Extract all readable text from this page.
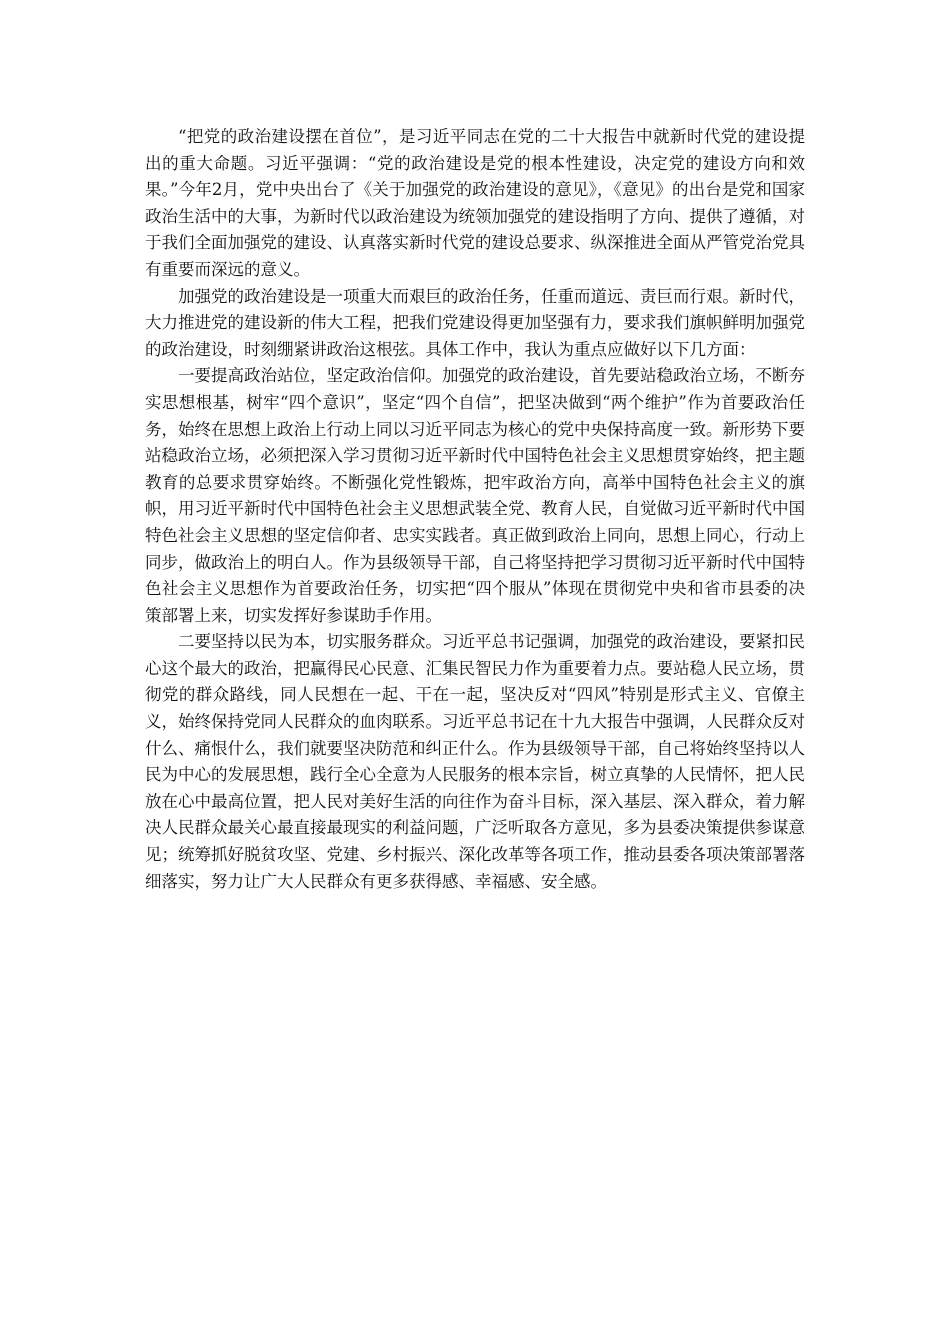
“把党的政治建设摆在首位”，是习近平同志在党的二十大报告中就新时代党的建设提出的重大命题。习近平强调：“党的政治建设是党的根本性建设，决定党的建设方向和效果。”今年2月，党中央出台了《关于加强党的政治建设的意见》，《意见》的出台是党和国家政治生活中的大事，为新时代以政治建设为统领加强党的建设指明了方向、提供了遵循，对于我们全面加强党的建设、认真落实新时代党的建设总要求、纵深推进全面从严管党治党具有重要而深远的意义。

加强党的政治建设是一项重大而艰巨的政治任务，任重而道远、责巨而行艰。新时代，大力推进党的建设新的伟大工程，把我们党建设得更加坚强有力，要求我们旗帜鲜明加强党的政治建设，时刻绷紧讲政治这根弦。具体工作中，我认为重点应做好以下几方面：

一要提高政治站位，坚定政治信仰。加强党的政治建设，首先要站稳政治立场，不断夯实思想根基，树牢“四个意识”，坚定“四个自信”，把坚决做到“两个维护”作为首要政治任务，始终在思想上政治上行动上同以习近平同志为核心的党中央保持高度一致。新形势下要站稳政治立场，必须把深入学习贯彻习近平新时代中国特色社会主义思想贯穿始终，把主题教育的总要求贯穿始终。不断强化党性锻炼，把牢政治方向，高举中国特色社会主义的旗帜，用习近平新时代中国特色社会主义思想武装全党、教育人民，自觉做习近平新时代中国特色社会主义思想的坚定信仰者、忠实实践者。真正做到政治上同向，思想上同心，行动上同步，做政治上的明白人。作为县级领导干部，自己将坚持把学习贯彻习近平新时代中国特色社会主义思想作为首要政治任务，切实把“四个服从”体现在贯彻党中央和省市县委的决策部署上来，切实发挥好参谋助手作用。

二要坚持以民为本，切实服务群众。习近平总书记强调，加强党的政治建设，要紧扣民心这个最大的政治，把赢得民心民意、汇集民智民力作为重要着力点。要站稳人民立场，贯彻党的群众路线，同人民想在一起、干在一起，坚决反对“四风”特别是形式主义、官僚主义，始终保持党同人民群众的血肉联系。习近平总书记在十九大报告中强调，人民群众反对什么、痛恨什么，我们就要坚决防范和纠正什么。作为县级领导干部，自己将始终坚持以人民为中心的发展思想，践行全心全意为人民服务的根本宗旨，树立真挚的人民情怀，把人民放在心中最高位置，把人民对美好生活的向往作为奋斗目标，深入基层、深入群众，着力解决人民群众最关心最直接最现实的利益问题，广泛听取各方意见，多为县委决策提供参谋意见；统筹抓好脱贫攻坚、党建、乡村振兴、深化改革等各项工作，推动县委各项决策部署落细落实，努力让广大人民群众有更多获得感、幸福感、安全感。
